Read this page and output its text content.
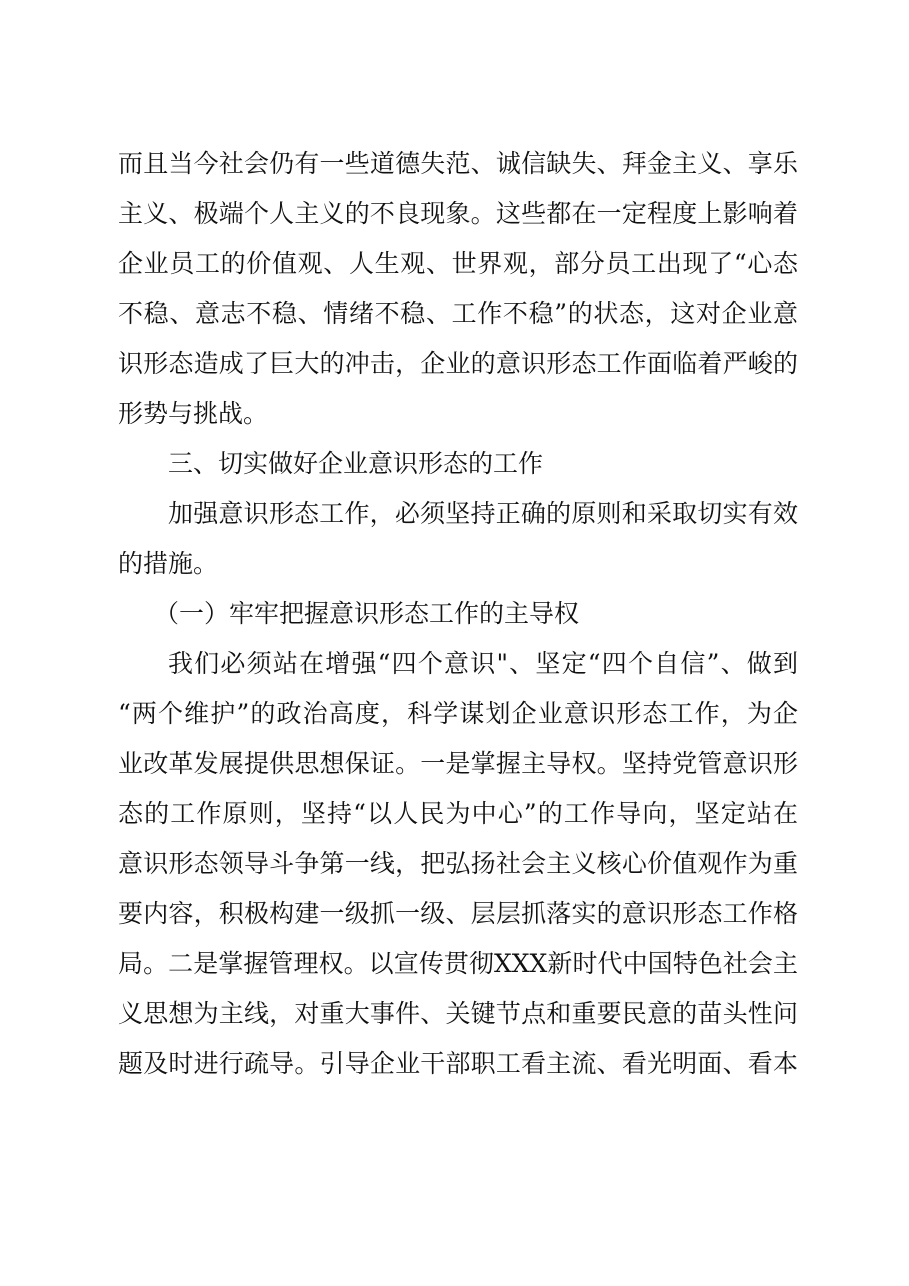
而且当今社会仍有一些道德失范、诚信缺失、拜金主义、享乐
主义、极端个人主义的不良现象。这些都在一定程度上影响着
企业员工的价值观、人生观、世界观，部分员工出现了“心态
不稳、意志不稳、情绪不稳、工作不稳”的状态，这对企业意
识形态造成了巨大的冲击，企业的意识形态工作面临着严峻的
形势与挑战。
三、切实做好企业意识形态的工作
加强意识形态工作，必须坚持正确的原则和采取切实有效
的措施。
（一）牢牢把握意识形态工作的主导权
我们必须站在增强“四个意识"、坚定“四个自信”、做到
“两个维护”的政治高度，科学谋划企业意识形态工作，为企
业改革发展提供思想保证。一是掌握主导权。坚持党管意识形
态的工作原则，坚持“以人民为中心”的工作导向，坚定站在
意识形态领导斗争第一线，把弘扬社会主义核心价值观作为重
要内容，积极构建一级抓一级、层层抓落实的意识形态工作格
局。二是掌握管理权。以宣传贯彻XXX新时代中国特色社会主
义思想为主线，对重大事件、关键节点和重要民意的苗头性问
题及时进行疏导。引导企业干部职工看主流、看光明面、看本
